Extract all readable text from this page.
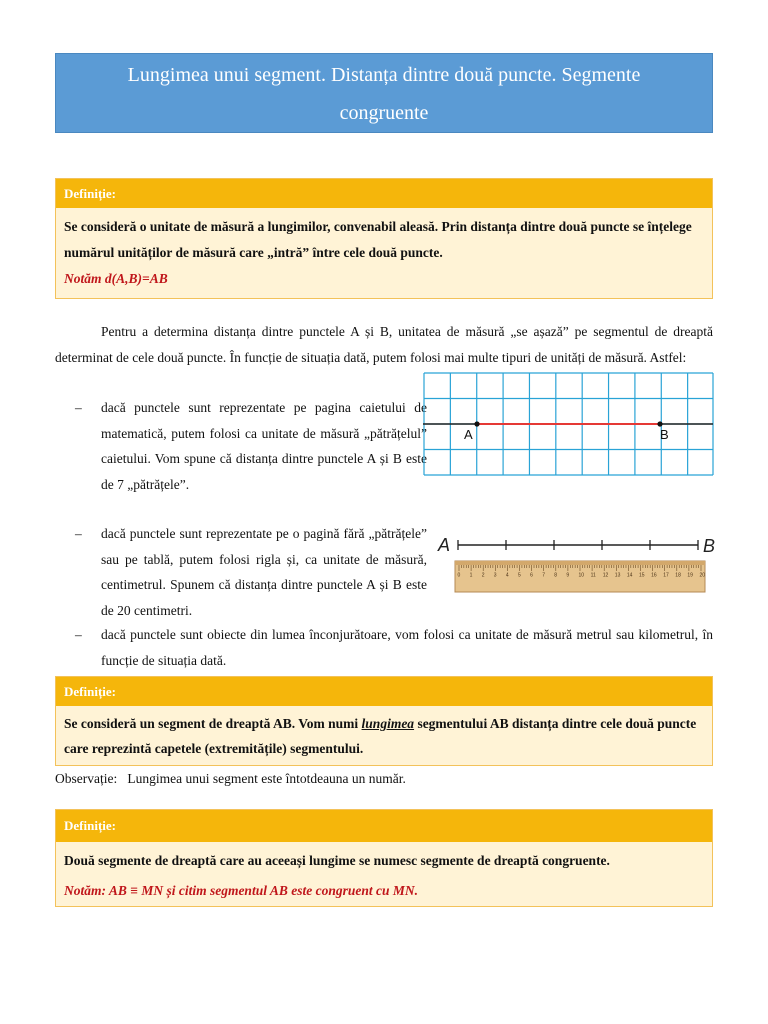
Lungimea unui segment. Distanța dintre două puncte. Segmente
congruente
Definiție:
Se consideră o unitate de măsură a lungimilor, convenabil aleasă. Prin distanța dintre două puncte se înțelege numărul unităților de măsură care „intră” între cele două puncte.
Notăm d(A,B)=AB
Pentru a determina distanța dintre punctele A și B, unitatea de măsură „se așază” pe segmentul de dreaptă determinat de cele două puncte. În funcție de situația dată, putem folosi mai multe tipuri de unități de măsură. Astfel:
– dacă punctele sunt reprezentate pe pagina caietului de matematică, putem folosi ca unitate de măsură „pătrățelul” caietului. Vom spune că distanța dintre punctele A și B este de 7 „pătrățele”.
– dacă punctele sunt reprezentate pe o pagină fără „pătrățele” sau pe tablă, putem folosi rigla și, ca unitate de măsură, centimetrul. Spunem că distanța dintre punctele A și B este de 20 centimetri.
– dacă punctele sunt obiecte din lumea înconjurătoare, vom folosi ca unitate de măsură metrul sau kilometrul, în funcție de situația dată.
A	B
A	B
0 1 2 3 4 5 6 7 8 9 10 11 12 13 14 15 16 17 18 19 20
Definiție:
Se consideră un segment de dreaptă AB. Vom numi lungimea segmentului AB distanța dintre cele două puncte care reprezintă capetele (extremitățile) segmentului.
Observație: Lungimea unui segment este întotdeauna un număr.
Definiție:
Două segmente de dreaptă care au aceeași lungime se numesc segmente de dreaptă congruente.
Notăm: AB ≡ MN și citim segmentul AB este congruent cu MN.
